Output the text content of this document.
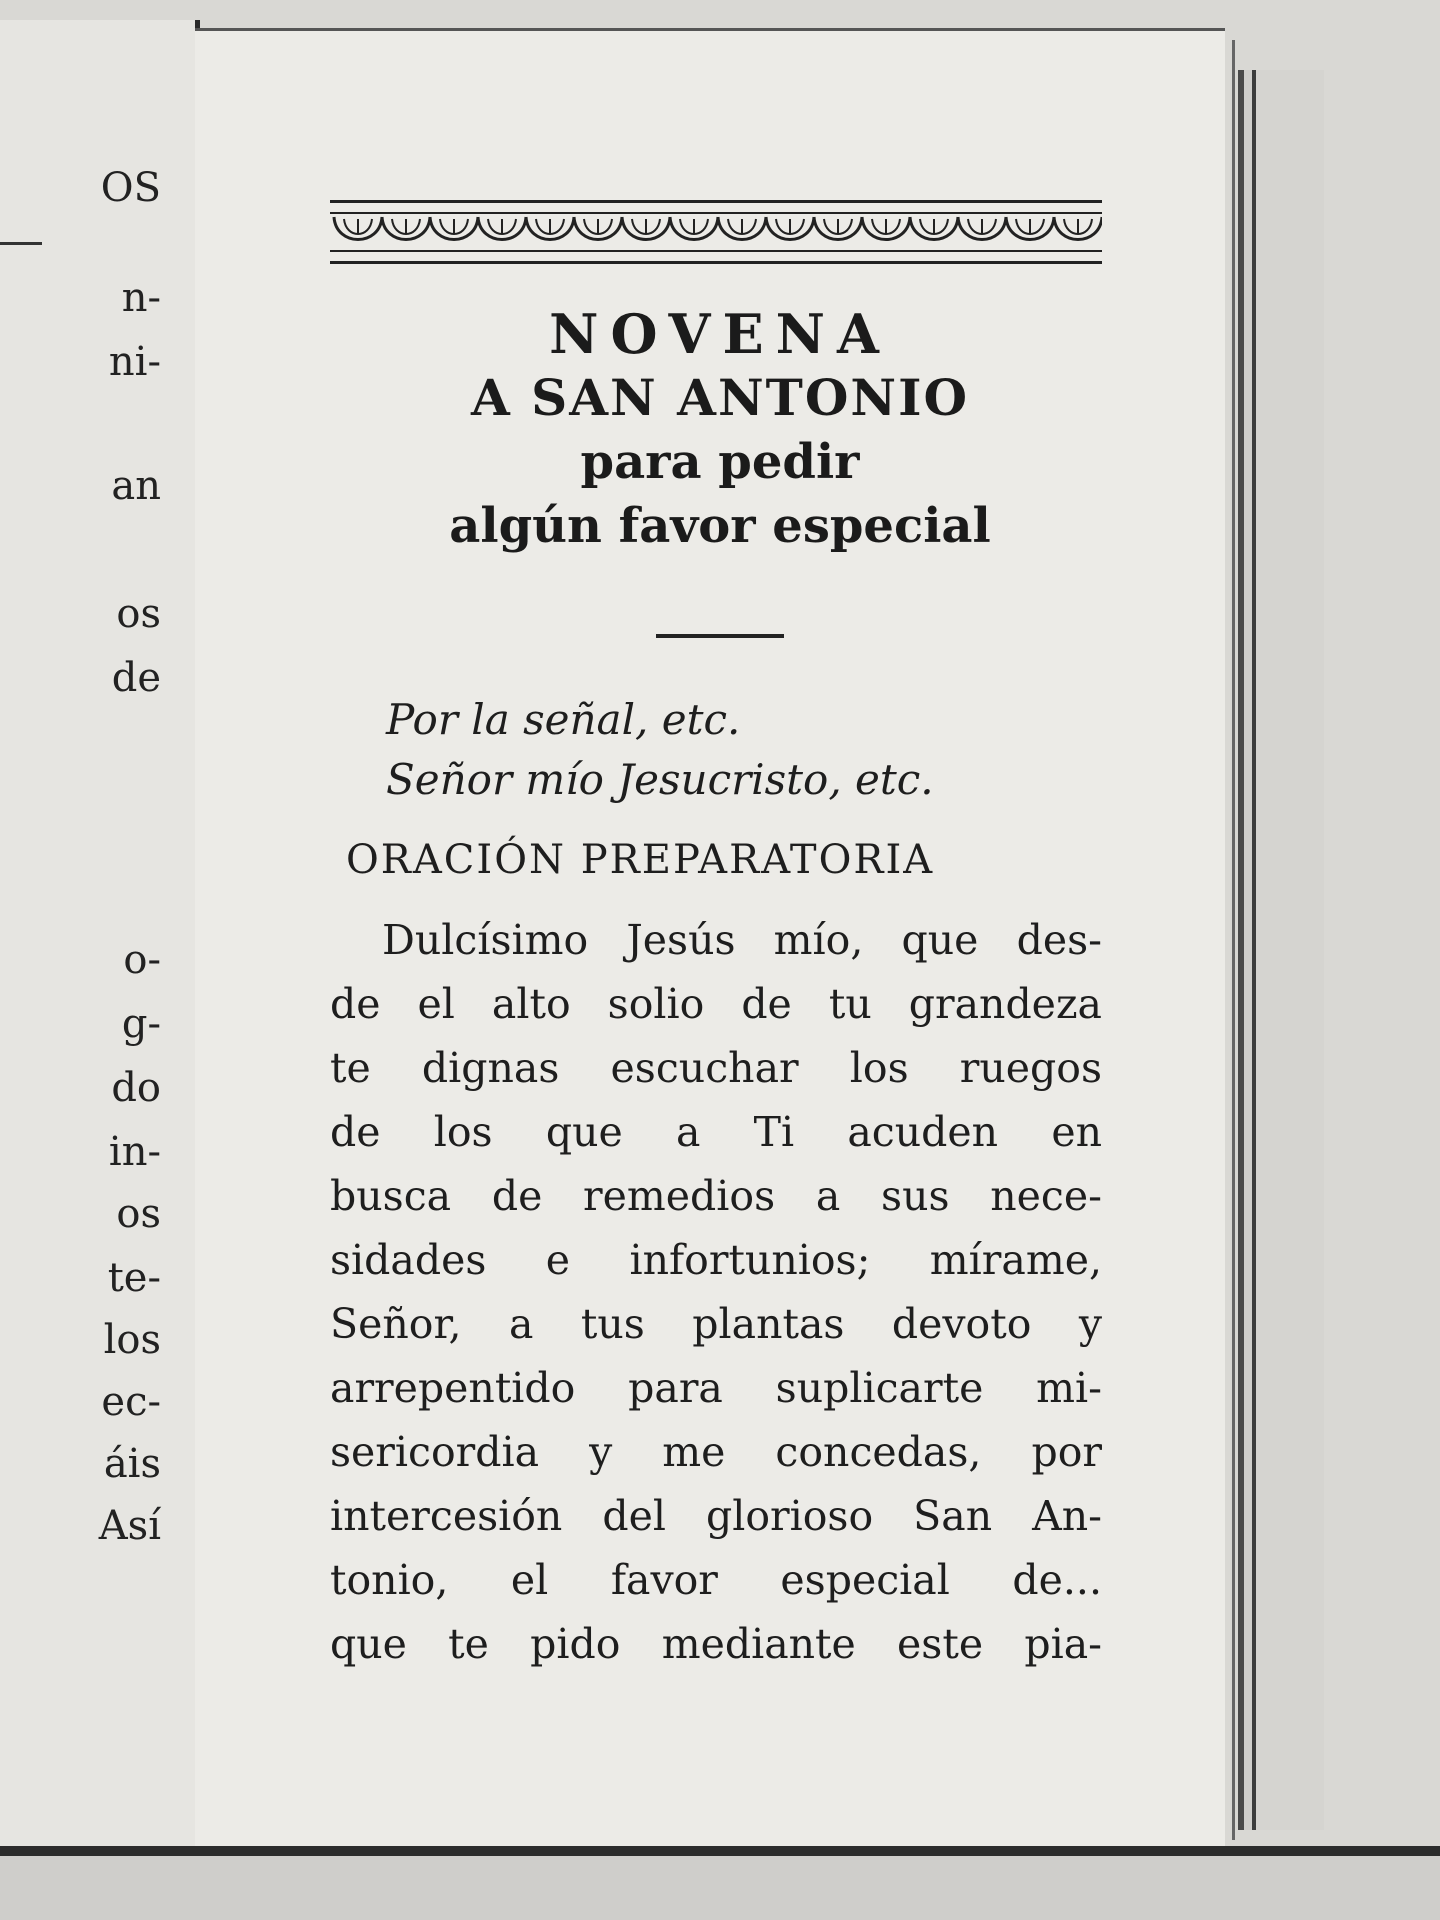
OS
n-
ni-
an
os
de
o-
g-
do
in-
os
te-
los
ec-
áis
Así
NOVENA
A SAN ANTONIO
para pedir
algún favor especial
Por la señal, etc.
Señor mío Jesucristo, etc.
ORACIÓN PREPARATORIA
Dulcísimo Jesús mío, que des-
de el alto solio de tu grandeza
te dignas escuchar los ruegos
de los que a Ti acuden en
busca de remedios a sus nece-
sidades e infortunios; mírame,
Señor, a tus plantas devoto y
arrepentido para suplicarte mi-
sericordia y me concedas, por
intercesión del glorioso San An-
tonio, el favor especial de...
que te pido mediante este pia-
